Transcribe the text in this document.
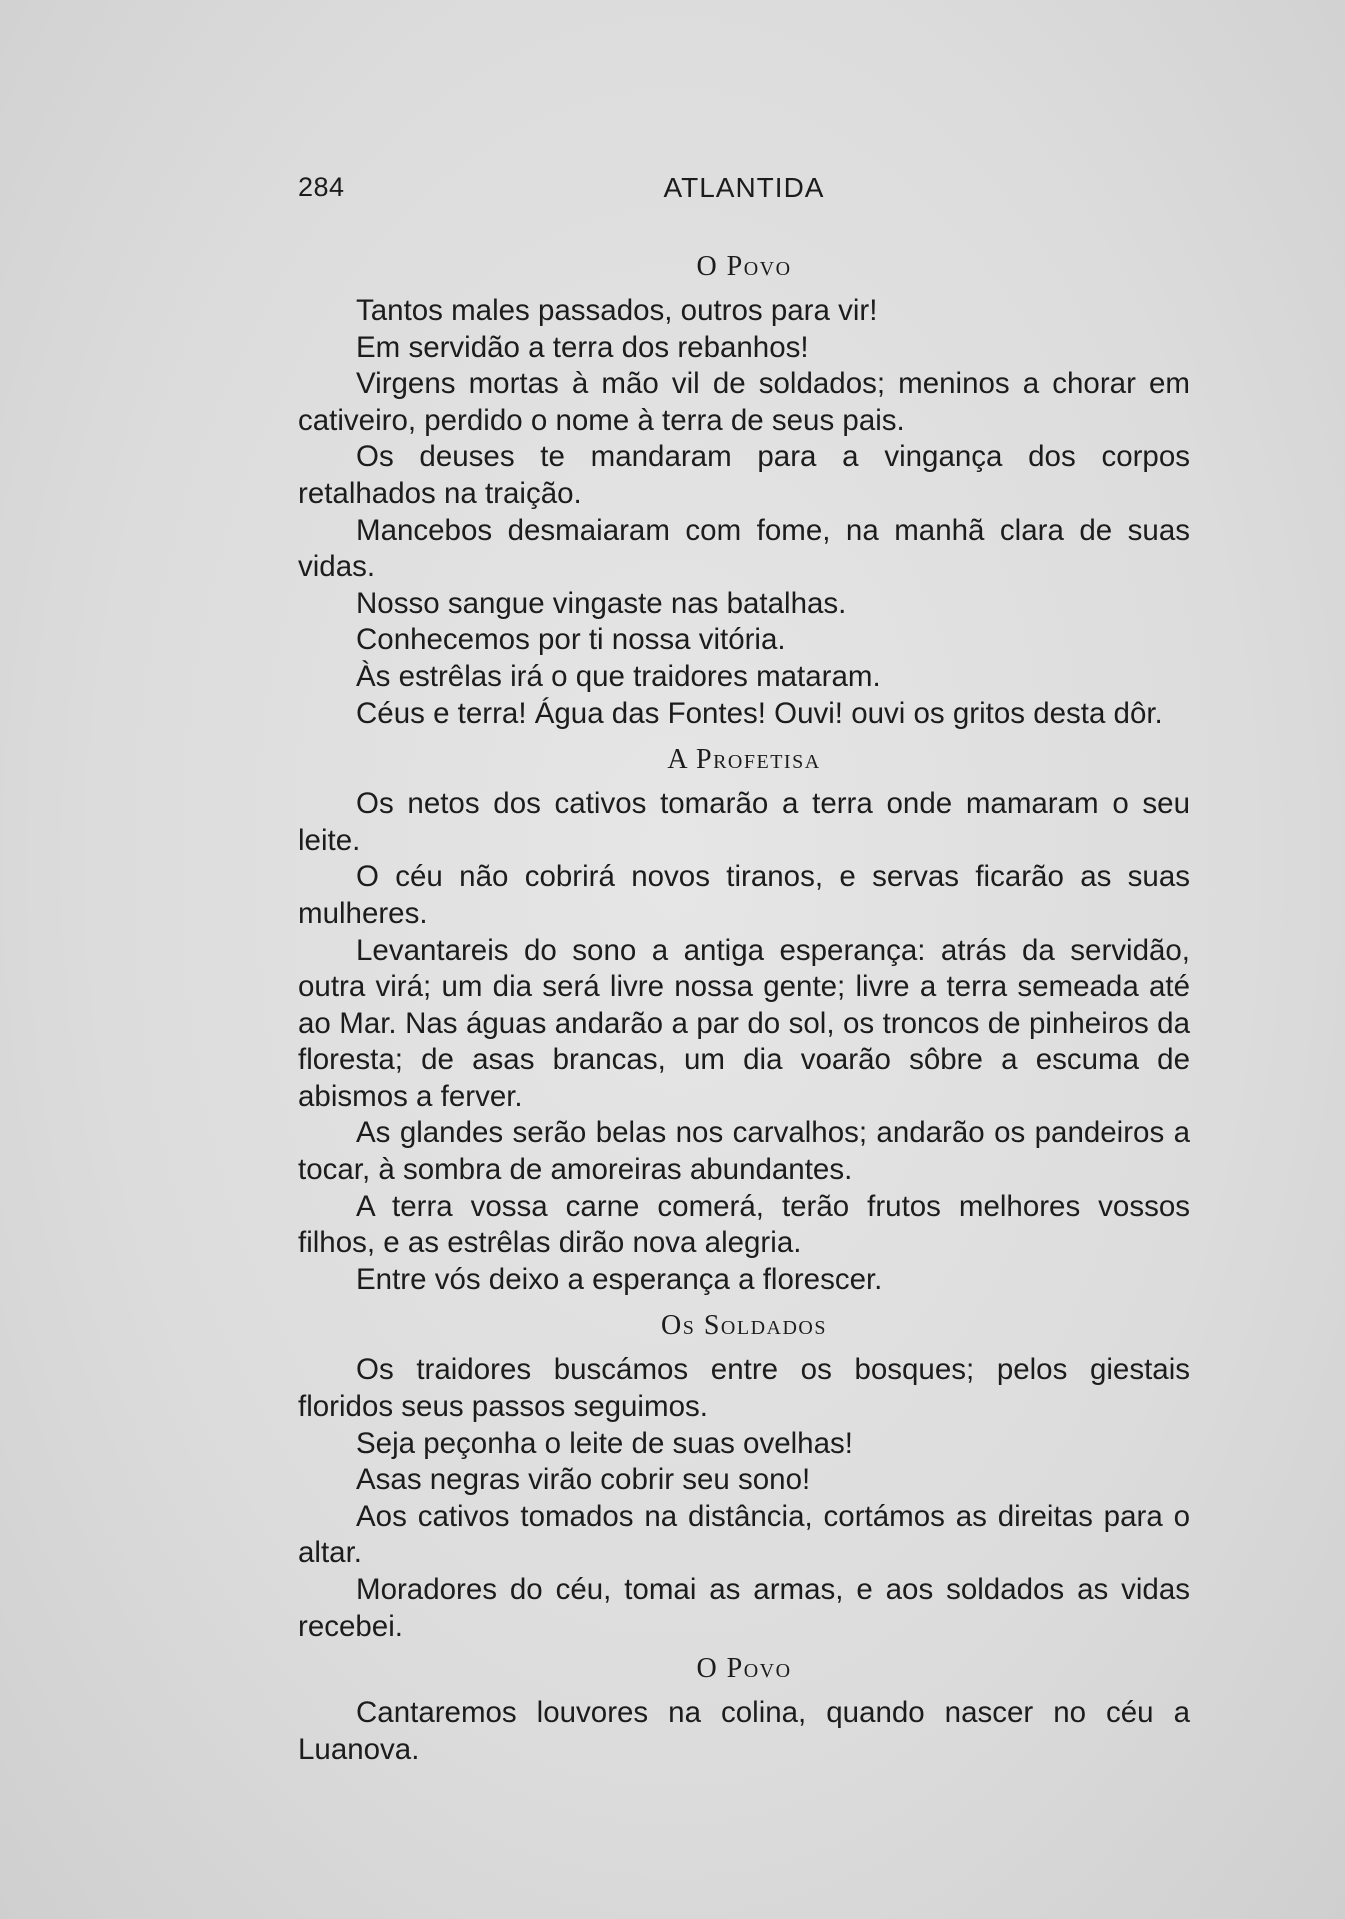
284	ATLANTIDA
O Povo

Tantos males passados, outros para vir!

Em servidão a terra dos rebanhos!

Virgens mortas à mão vil de soldados; meninos a chorar em cativeiro, perdido o nome à terra de seus pais.

Os deuses te mandaram para a vingança dos corpos retalhados na traição.

Mancebos desmaiaram com fome, na manhã clara de suas vidas.

Nosso sangue vingaste nas batalhas.

Conhecemos por ti nossa vitória.

Às estrêlas irá o que traidores mataram.

Céus e terra! Água das Fontes! Ouvi! ouvi os gritos desta dôr.

A Profetisa

Os netos dos cativos tomarão a terra onde mamaram o seu leite.

O céu não cobrirá novos tiranos, e servas ficarão as suas mulheres.

Levantareis do sono a antiga esperança: atrás da servidão, outra virá; um dia será livre nossa gente; livre a terra semeada até ao Mar. Nas águas andarão a par do sol, os troncos de pinheiros da floresta; de asas brancas, um dia voarão sôbre a escuma de abismos a ferver.

As glandes serão belas nos carvalhos; andarão os pandeiros a tocar, à sombra de amoreiras abundantes.

A terra vossa carne comerá, terão frutos melhores vossos filhos, e as estrêlas dirão nova alegria.

Entre vós deixo a esperança a florescer.

Os Soldados

Os traidores buscámos entre os bosques; pelos giestais floridos seus passos seguimos.

Seja peçonha o leite de suas ovelhas!

Asas negras virão cobrir seu sono!

Aos cativos tomados na distância, cortámos as direitas para o altar.

Moradores do céu, tomai as armas, e aos soldados as vidas recebei.

O Povo

Cantaremos louvores na colina, quando nascer no céu a Luanova.
